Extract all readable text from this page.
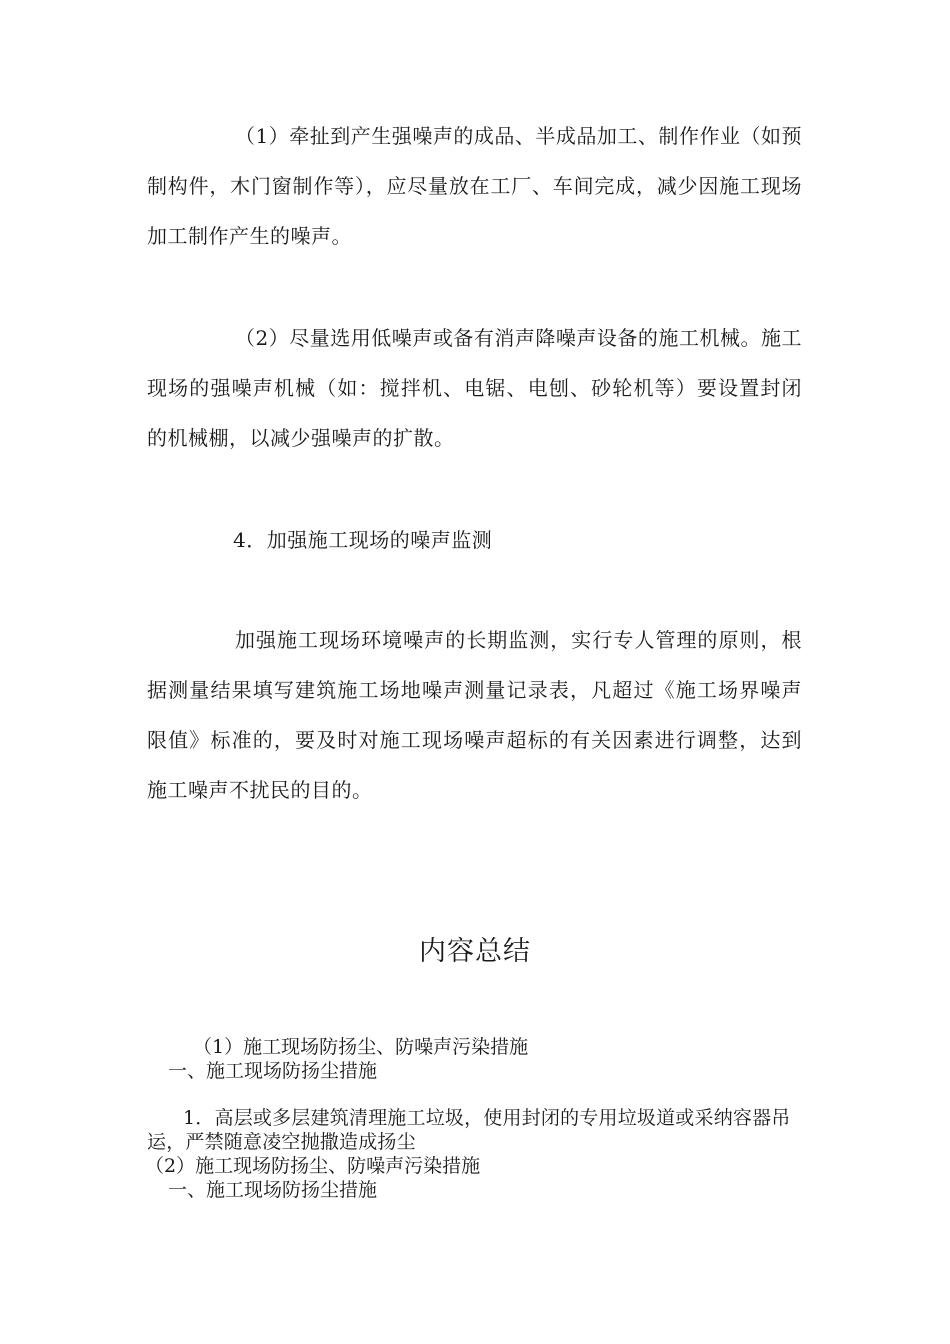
（1）牵扯到产生强噪声的成品、半成品加工、制作作业（如预制构件，木门窗制作等），应尽量放在工厂、车间完成，减少因施工现场加工制作产生的噪声。

（2）尽量选用低噪声或备有消声降噪声设备的施工机械。施工现场的强噪声机械（如：搅拌机、电锯、电刨、砂轮机等）要设置封闭的机械棚，以减少强噪声的扩散。

4．加强施工现场的噪声监测

加强施工现场环境噪声的长期监测，实行专人管理的原则，根据测量结果填写建筑施工场地噪声测量记录表，凡超过《施工场界噪声限值》标准的，要及时对施工现场噪声超标的有关因素进行调整，达到施工噪声不扰民的目的。

内容总结

（1）施工现场防扬尘、防噪声污染措施

一、施工现场防扬尘措施

1．高层或多层建筑清理施工垃圾，使用封闭的专用垃圾道或采纳容器吊运，严禁随意凌空抛撒造成扬尘

（2）施工现场防扬尘、防噪声污染措施

一、施工现场防扬尘措施
